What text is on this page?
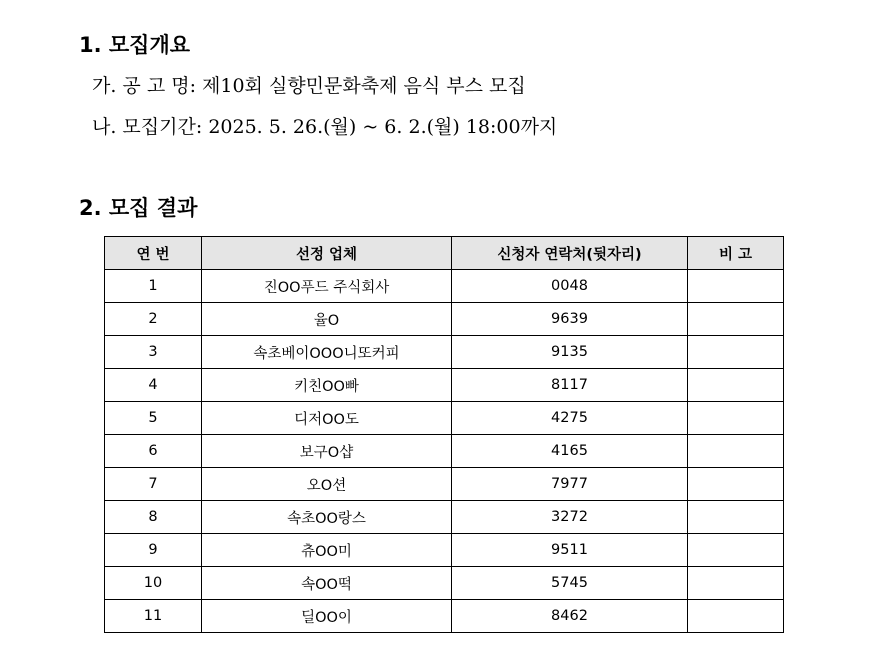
1. 모집개요
가. 공 고 명: 제10회 실향민문화축제 음식 부스 모집
나. 모집기간: 2025. 5. 26.(월) ~ 6. 2.(월) 18:00까지
2. 모집 결과
연 번	선정 업체	신청자 연락처(뒷자리)	비 고
1	진OO푸드 주식회사	0048	
2	율O	9639	
3	속초베이OOO니또커피	9135	
4	키친OO빠	8117	
5	디저OO도	4275	
6	보구O샵	4165	
7	오O션	7977	
8	속초OO랑스	3272	
9	츄OO미	9511	
10	속OO떡	5745	
11	딜OO이	8462	
